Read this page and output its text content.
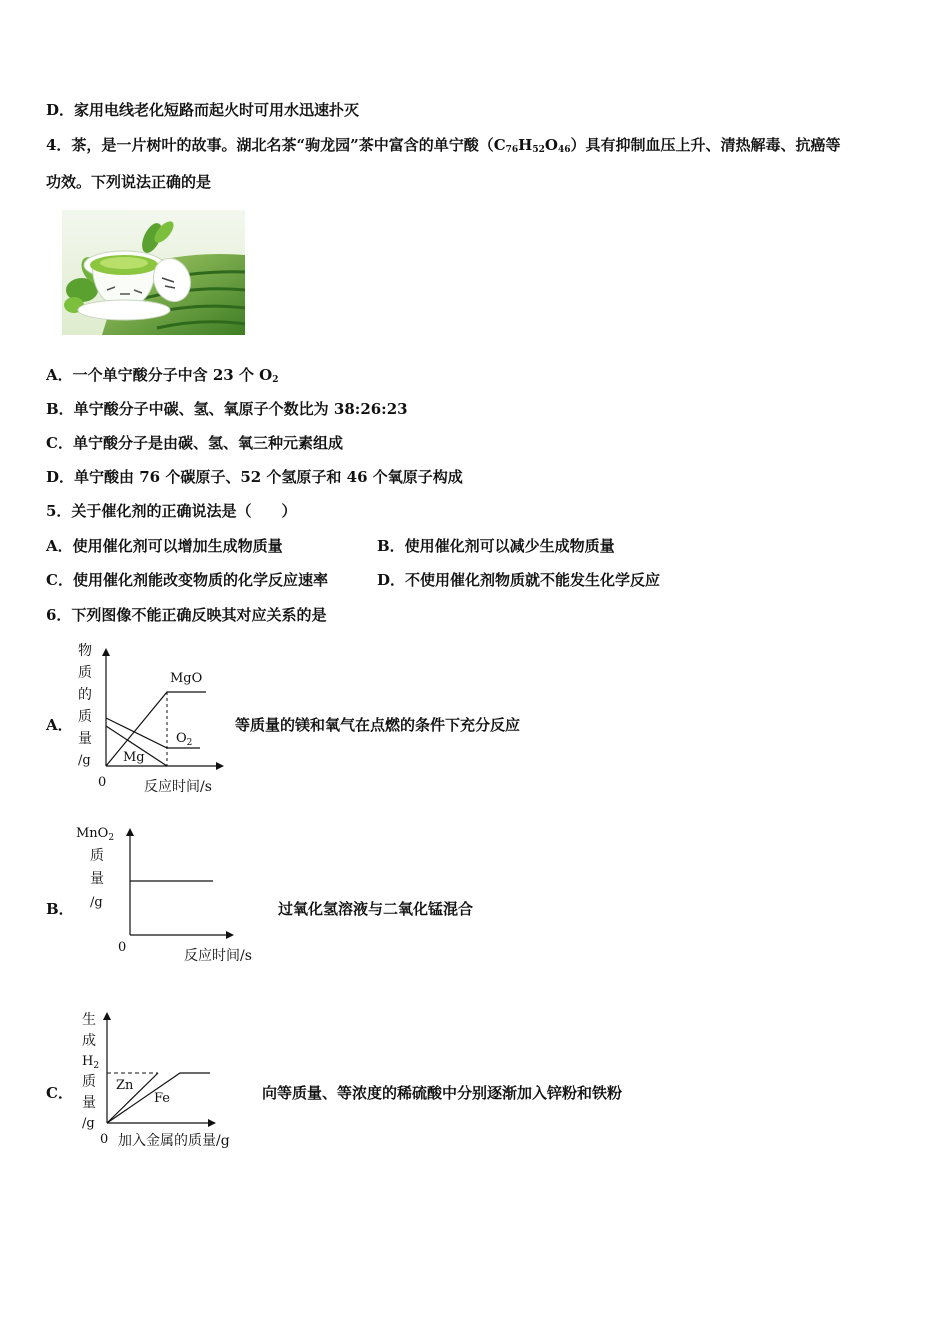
D．家用电线老化短路而起火时可用水迅速扑灭
4．茶，是一片树叶的故事。湖北名茶“驹龙园”茶中富含的单宁酸$(C_{76}H_{52}O_{46})$具有抑制血压上升、清热解毒、抗癌等
功效。下列说法正确的是
A．一个单宁酸分子中含 23 个 $O_2$
B．单宁酸分子中碳、氢、氧原子个数比为 38:26:23
C．单宁酸分子是由碳、氢、氧三种元素组成
D．单宁酸由 76 个碳原子、52 个氢原子和 46 个氧原子构成
5．关于催化剂的正确说法是（　　）
A．使用催化剂可以增加生成物质量	B．使用催化剂可以减少生成物质量
C．使用催化剂能改变物质的化学反应速率	D．不使用催化剂物质就不能发生化学反应
6．下列图像不能正确反映其对应关系的是
A．
物
质
的
质
量
/g
0	反应时间/s
MgO
$O_2$
Mg
等质量的镁和氧气在点燃的条件下充分反应
B．
MnO$_2$
质
量
/g
0
反应时间/s
过氧化氢溶液与二氧化锰混合
C．
生
成
$H_2$
质
量
/g
0 加入金属的质量/g
Zn
Fe	向等质量、等浓度的稀硫酸中分别逐渐加入锌粉和铁粉
